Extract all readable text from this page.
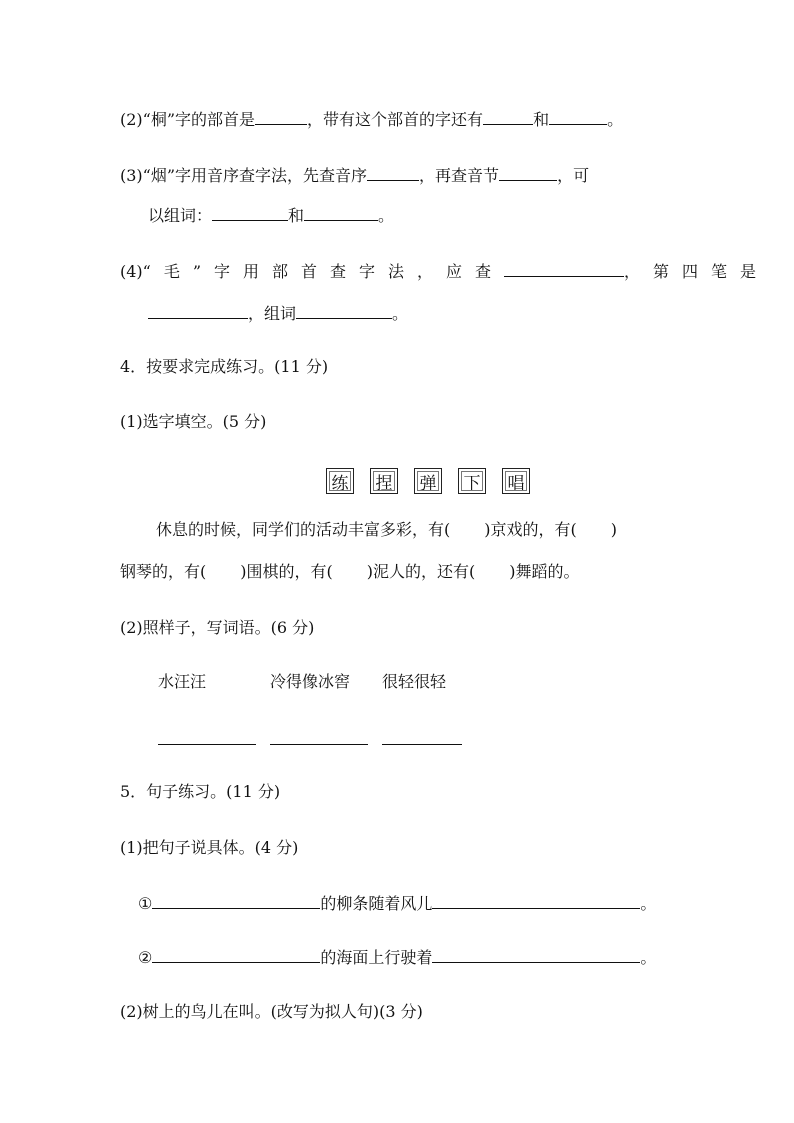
(2)“桐”字的部首是	，带有这个部首的字还有	和	。
(3)“烟”字用音序查字法，先查音序	，再查音节	，可
以组词：	和	。
(4)“毛”字用部首查字法，应查	，第四笔是
，组词	。
4．按要求完成练习。(11 分)
(1)选字填空。(5 分)
练 捏 弹 下 唱
休息的时候，同学们的活动丰富多彩，有( )京戏的，有( )
钢琴的，有( )围棋的，有( )泥人的，还有( )舞蹈的。
(2)照样子，写词语。(6 分)
水汪汪	冷得像冰窖 很轻很轻
5．句子练习。(11 分)
(1)把句子说具体。(4 分)
①	的柳条随着风儿	。
②	的海面上行驶着	。
(2)树上的鸟儿在叫。(改写为拟人句)(3 分)
